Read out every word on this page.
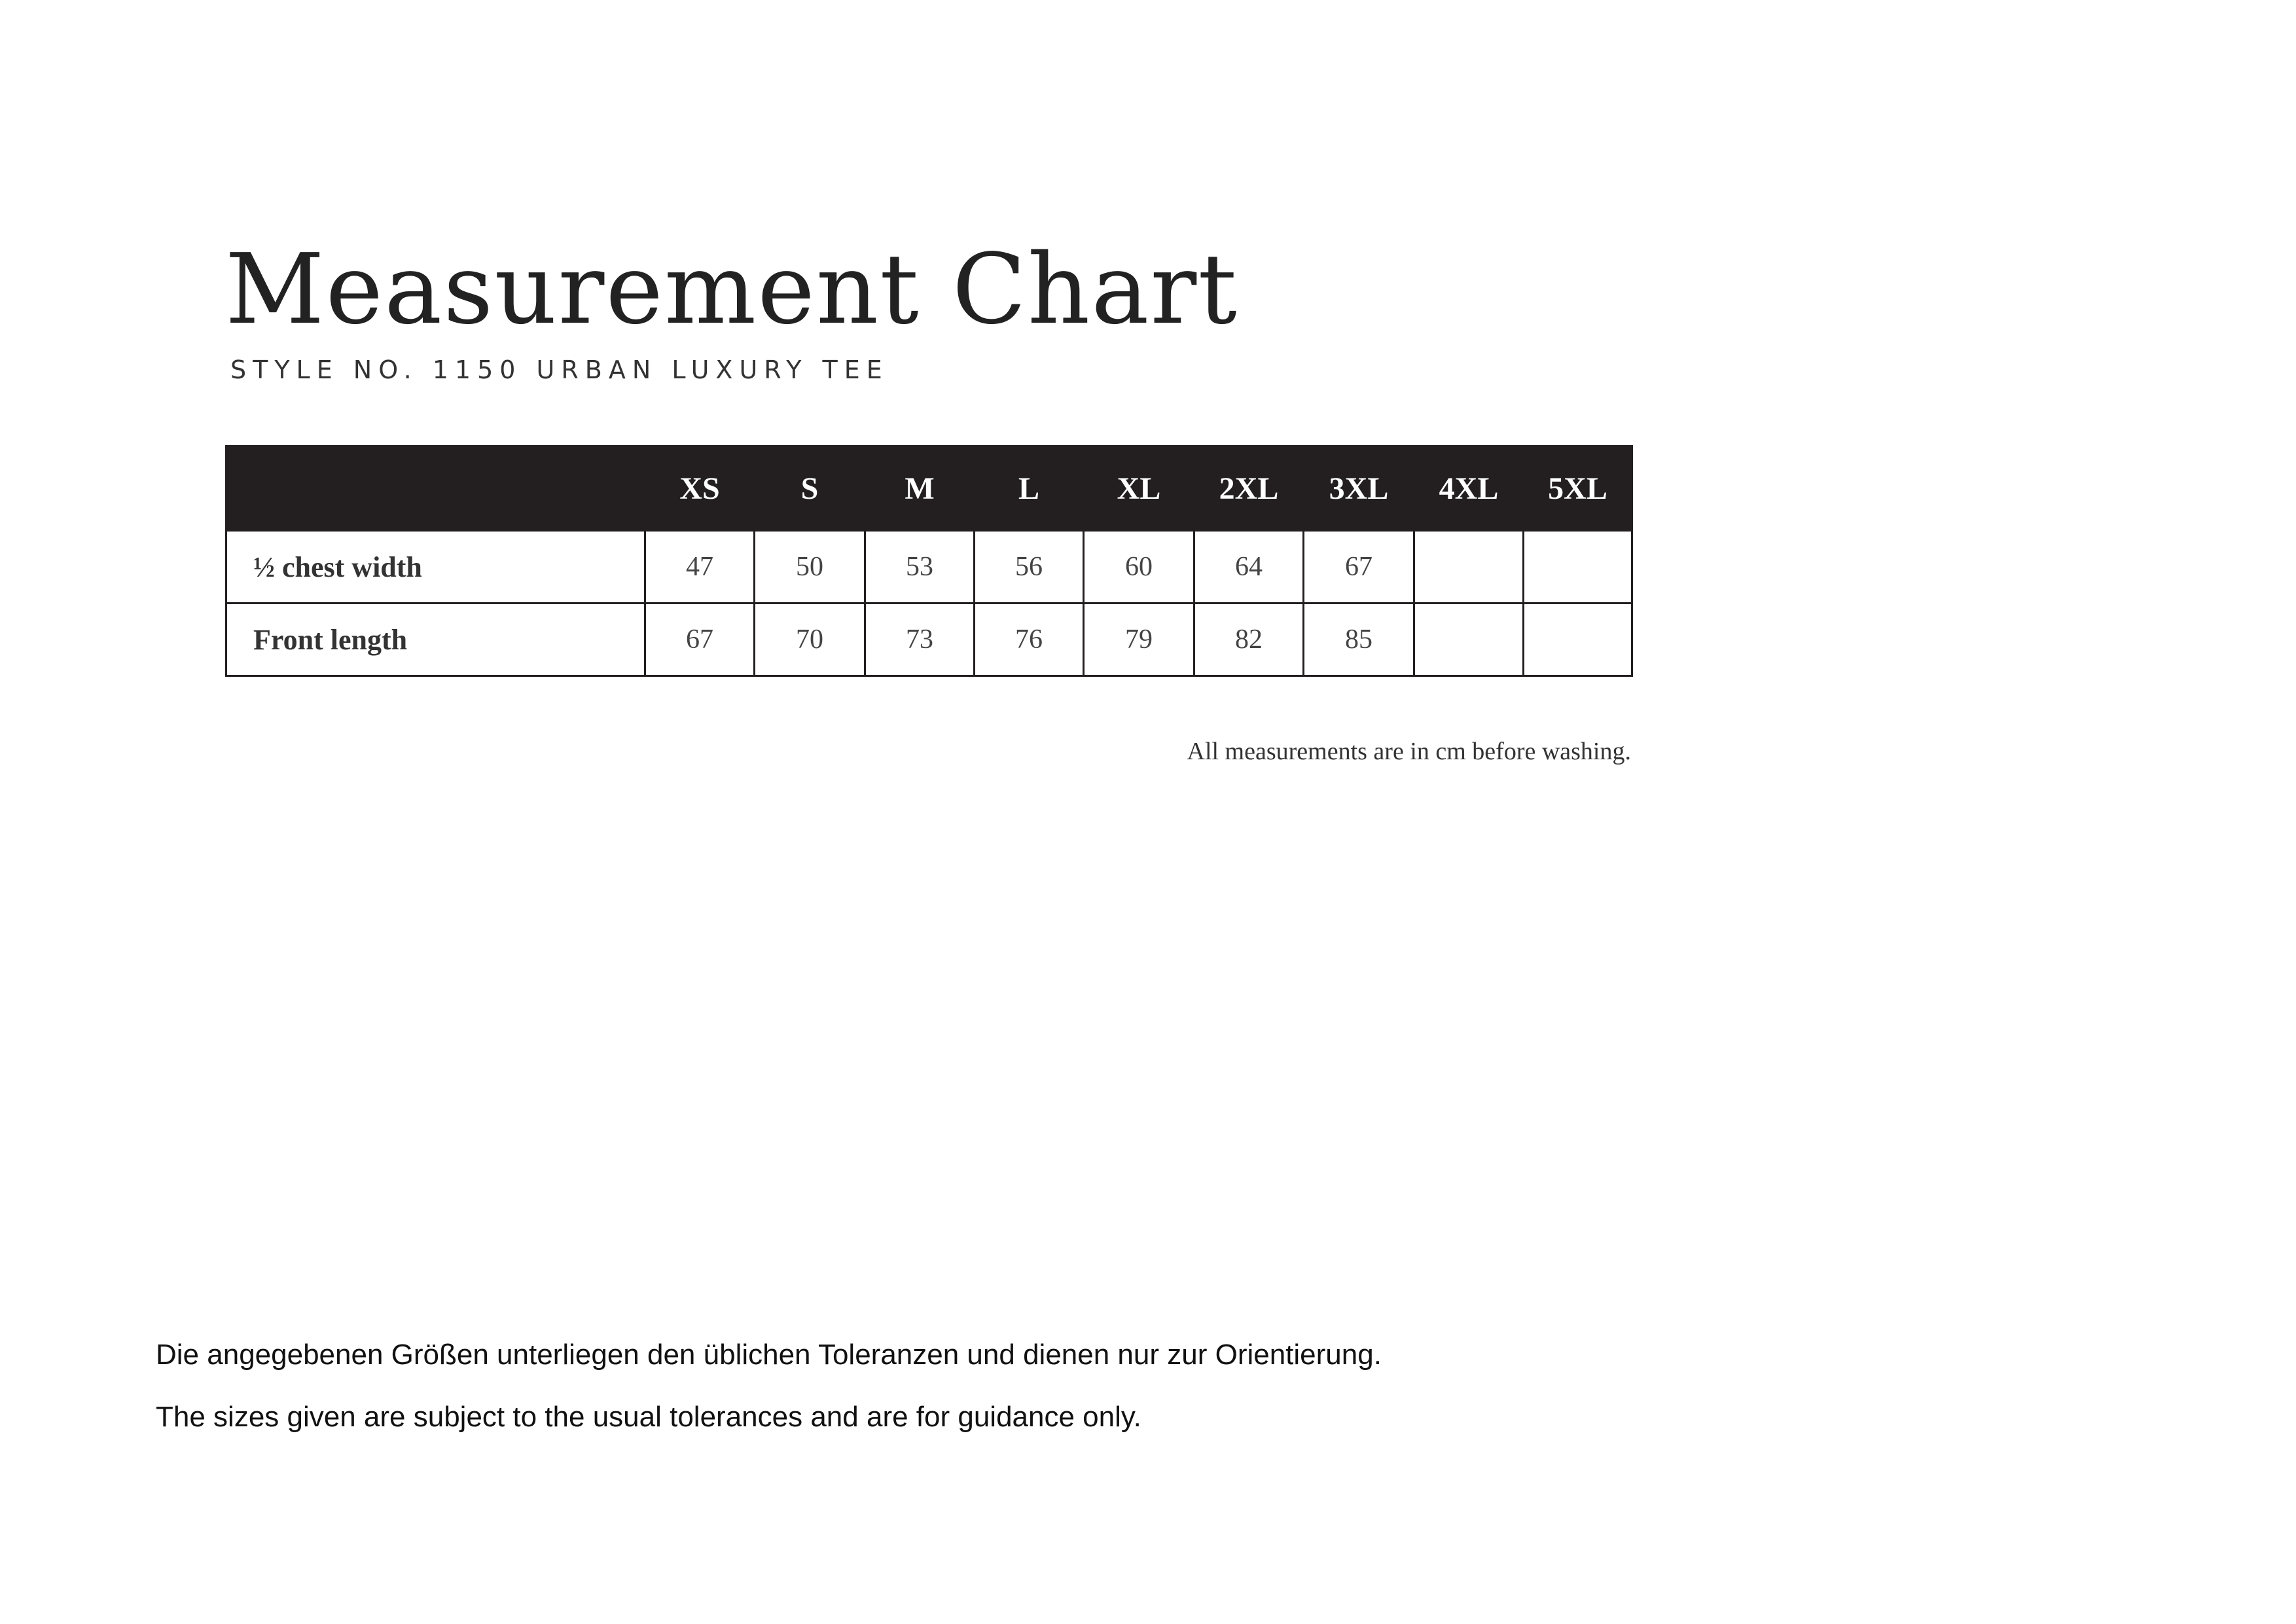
Measurement Chart
STYLE NO. 1150 URBAN LUXURY TEE
	XS	S	M	L	XL	2XL	3XL	4XL	5XL
½ chest width	47	50	53	56	60	64	67		
Front length	67	70	73	76	79	82	85		
All measurements are in cm before washing.

Die angegebenen Größen unterliegen den üblichen Toleranzen und dienen nur zur Orientierung.

The sizes given are subject to the usual tolerances and are for guidance only.
